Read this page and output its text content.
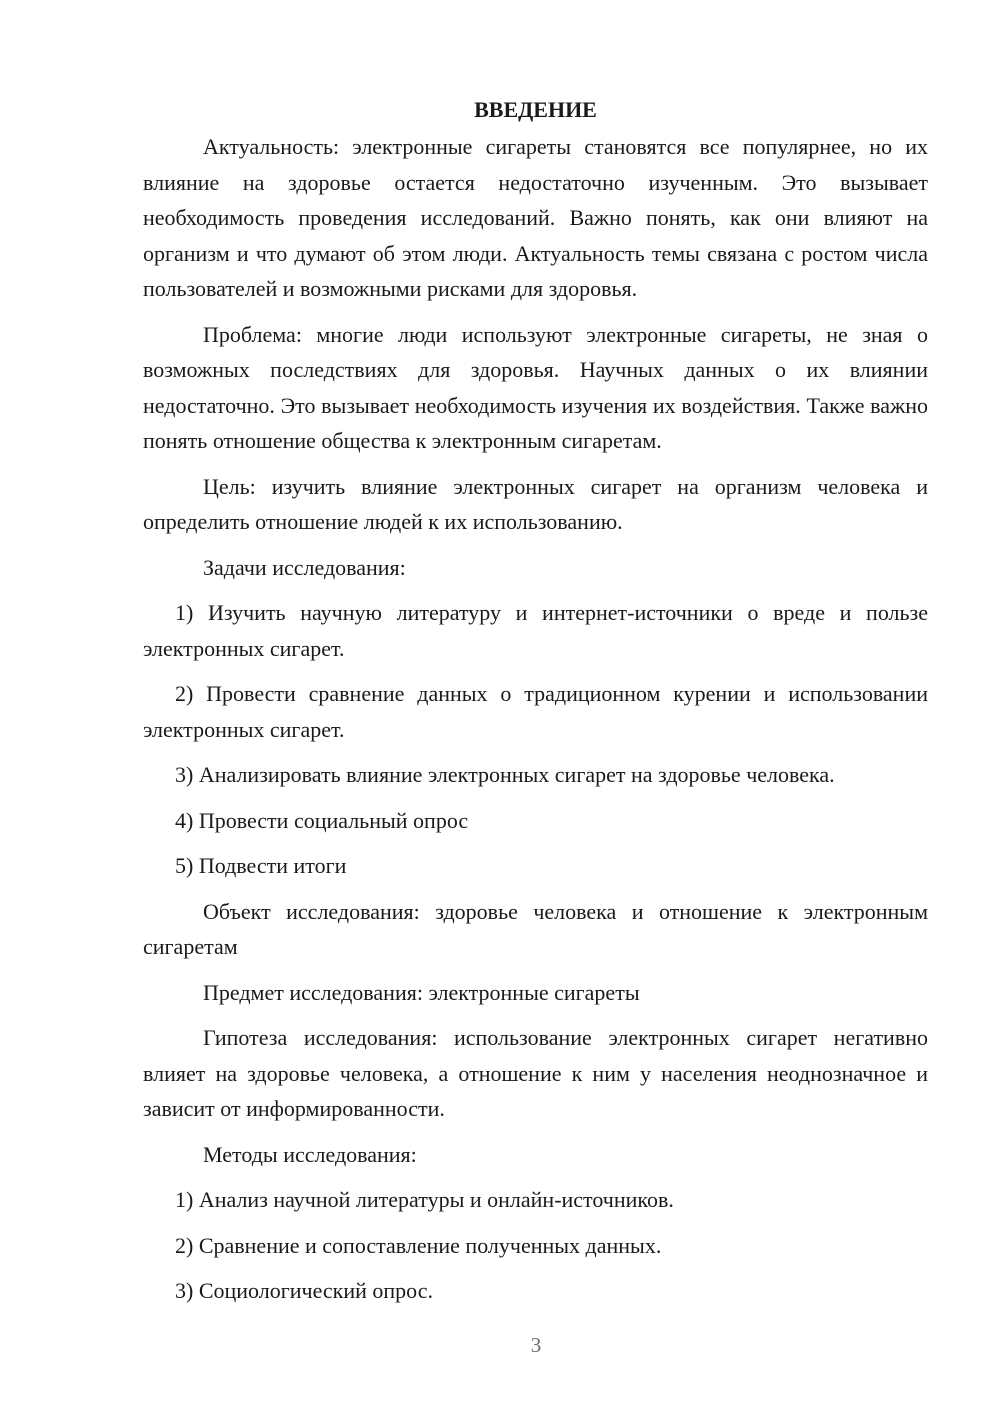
ВВЕДЕНИЕ

Актуальность: электронные сигареты становятся все популярнее, но их влияние на здоровье остается недостаточно изученным. Это вызывает необходимость проведения исследований. Важно понять, как они влияют на организм и что думают об этом люди. Актуальность темы связана с ростом числа пользователей и возможными рисками для здоровья.

Проблема: многие люди используют электронные сигареты, не зная о возможных последствиях для здоровья. Научных данных о их влиянии недостаточно. Это вызывает необходимость изучения их воздействия. Также важно понять отношение общества к электронным сигаретам.

Цель: изучить влияние электронных сигарет на организм человека и определить отношение людей к их использованию.

Задачи исследования:

1) Изучить научную литературу и интернет-источники о вреде и пользе электронных сигарет.

2) Провести сравнение данных о традиционном курении и использовании электронных сигарет.

3) Анализировать влияние электронных сигарет на здоровье человека.

4) Провести социальный опрос

5) Подвести итоги

Объект исследования: здоровье человека и отношение к электронным сигаретам

Предмет исследования: электронные сигареты

Гипотеза исследования: использование электронных сигарет негативно влияет на здоровье человека, а отношение к ним у населения неоднозначное и зависит от информированности.

Методы исследования:

1) Анализ научной литературы и онлайн-источников.

2) Сравнение и сопоставление полученных данных.

3) Социологический опрос.

3
